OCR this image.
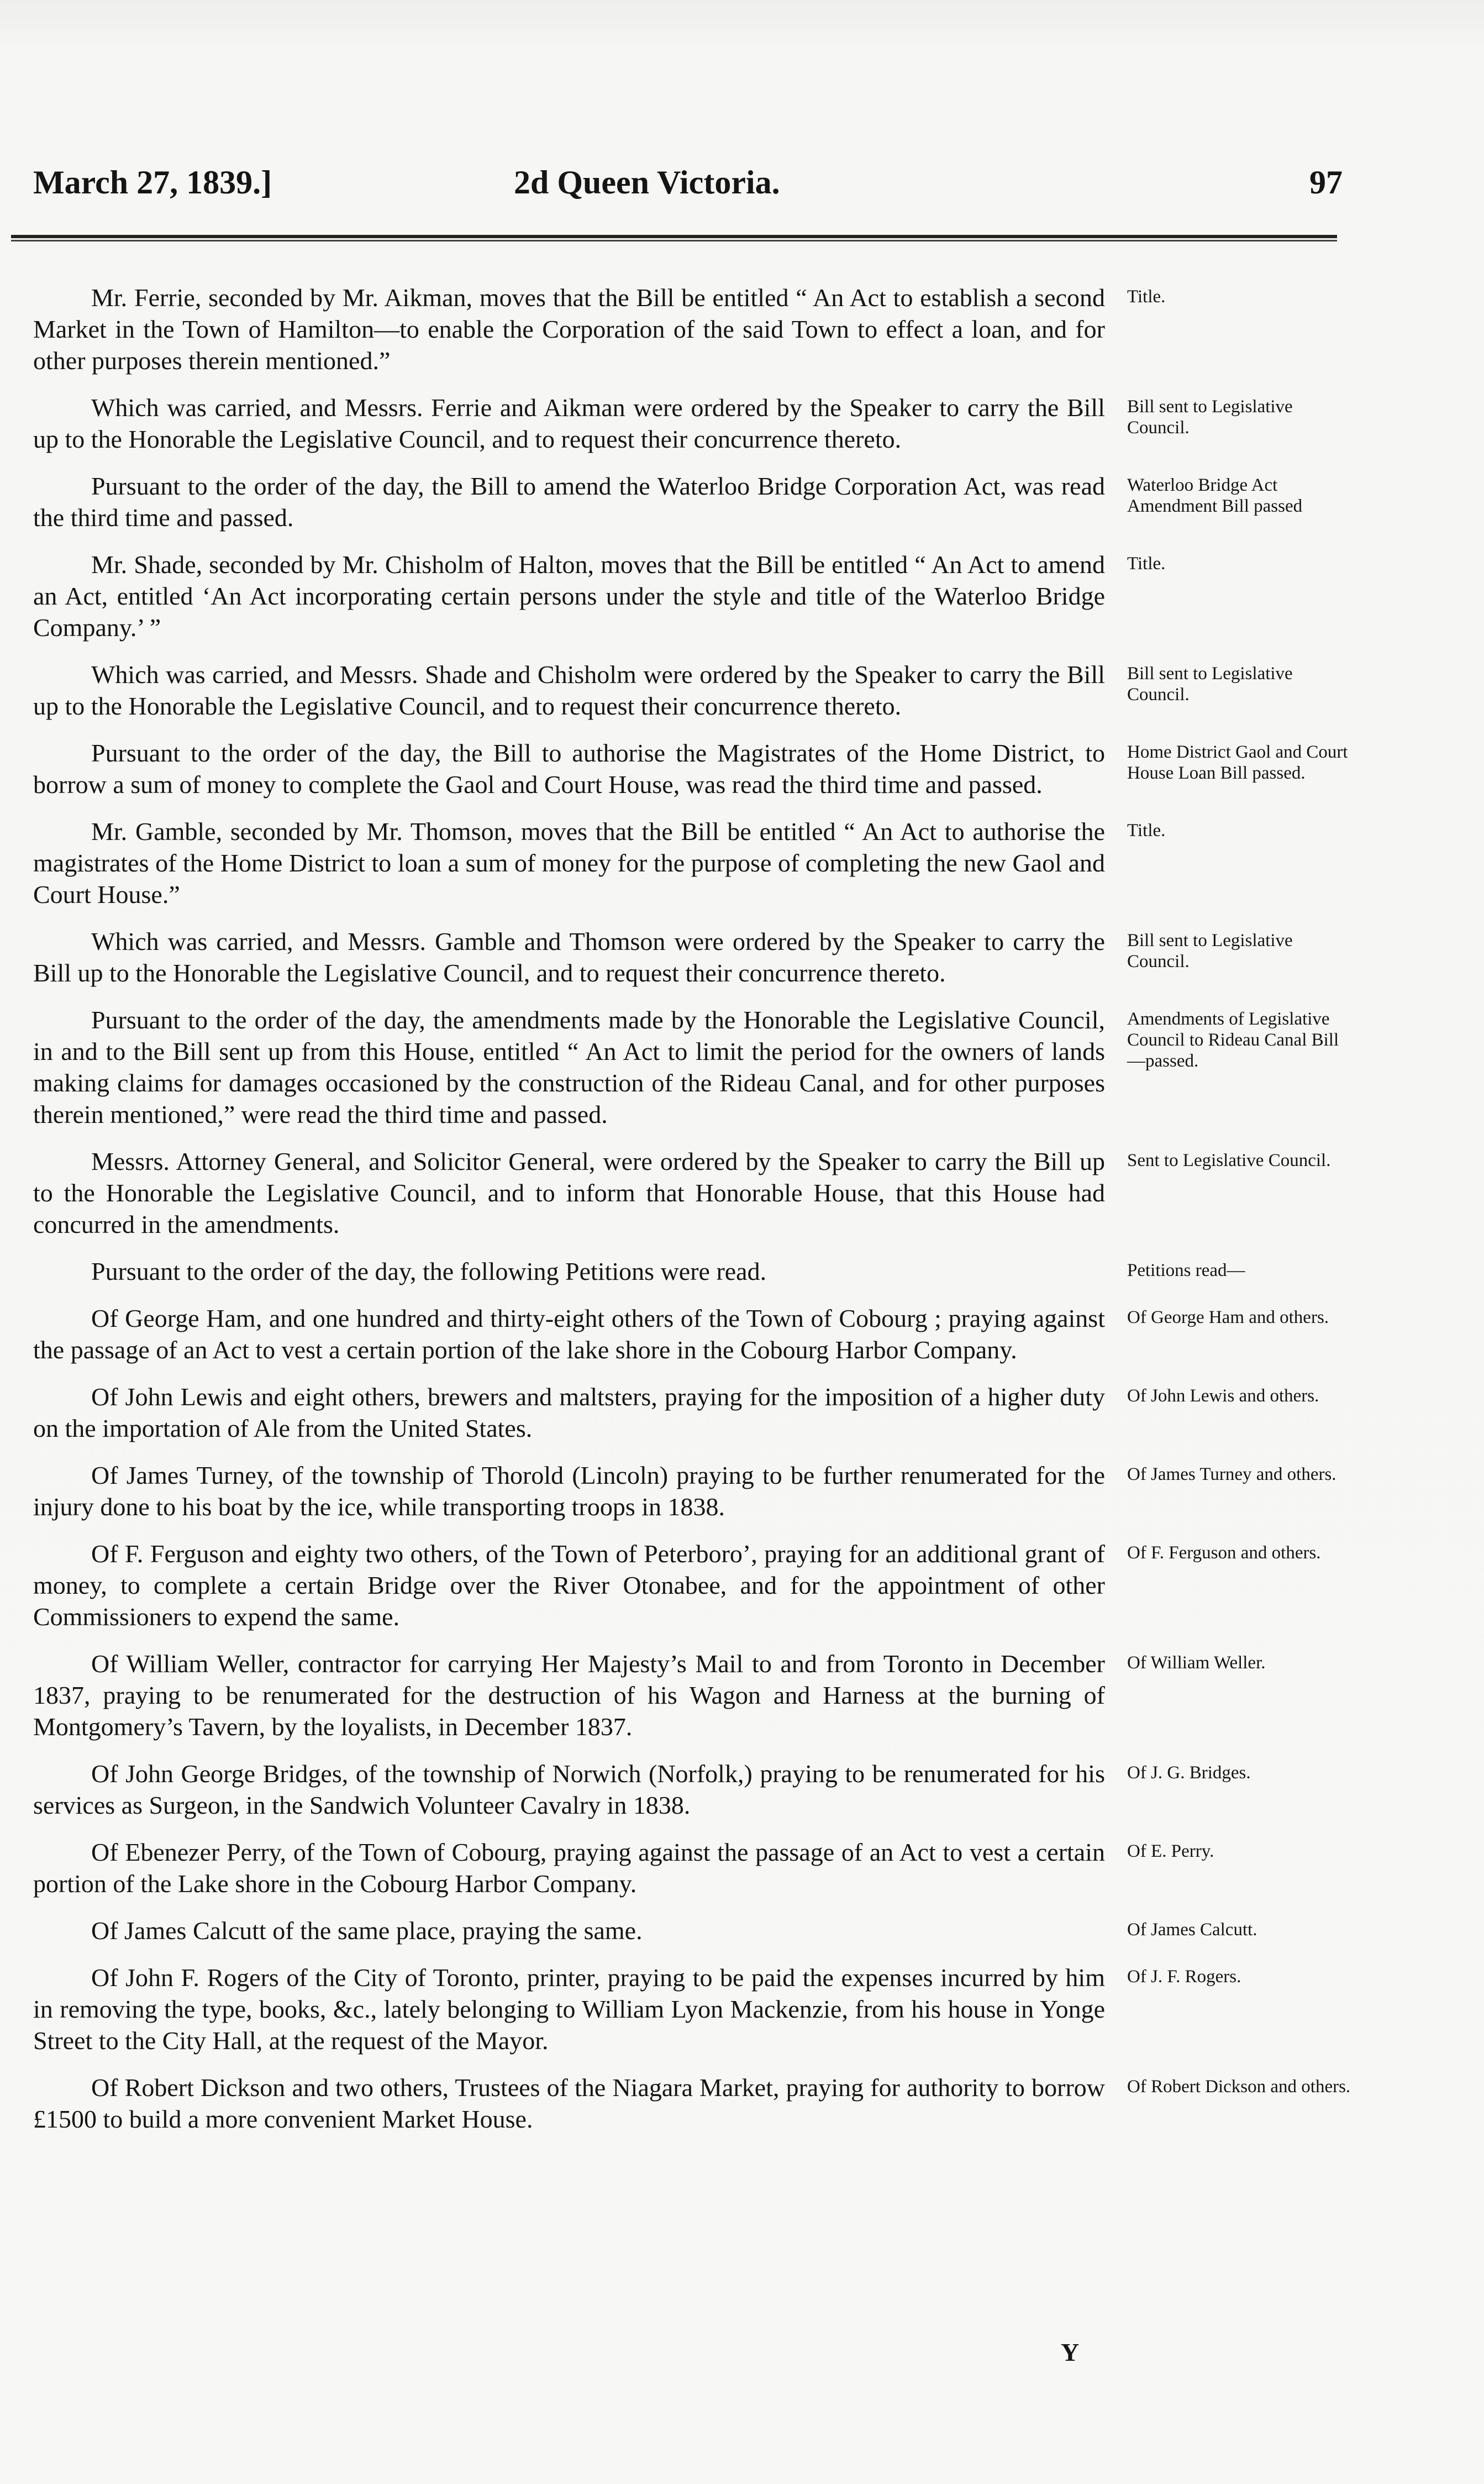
March 27, 1839.]	2d Queen Victoria.	97
Mr. Ferrie, seconded by Mr. Aikman, moves that the Bill be entitled “ An Act to establish a second Market in the Town of Hamilton—to enable the Corporation of the said Town to effect a loan, and for other purposes therein mentioned.”
Title.
Which was carried, and Messrs. Ferrie and Aikman were ordered by the Speaker to carry the Bill up to the Honorable the Legislative Council, and to request their concurrence thereto.
Bill sent to Legislative Council.
Pursuant to the order of the day, the Bill to amend the Waterloo Bridge Corporation Act, was read the third time and passed.
Waterloo Bridge Act Amendment Bill passed
Mr. Shade, seconded by Mr. Chisholm of Halton, moves that the Bill be entitled “ An Act to amend an Act, entitled ‘An Act incorporating certain persons under the style and title of the Waterloo Bridge Company.’ ”
Title.
Which was carried, and Messrs. Shade and Chisholm were ordered by the Speaker to carry the Bill up to the Honorable the Legislative Council, and to request their concurrence thereto.
Bill sent to Legislative Council.
Pursuant to the order of the day, the Bill to authorise the Magistrates of the Home District, to borrow a sum of money to complete the Gaol and Court House, was read the third time and passed.
Home District Gaol and Court House Loan Bill passed.
Mr. Gamble, seconded by Mr. Thomson, moves that the Bill be entitled “ An Act to authorise the magistrates of the Home District to loan a sum of money for the purpose of completing the new Gaol and Court House.”
Title.
Which was carried, and Messrs. Gamble and Thomson were ordered by the Speaker to carry the Bill up to the Honorable the Legislative Council, and to request their concurrence thereto.
Bill sent to Legislative Council.
Pursuant to the order of the day, the amendments made by the Honorable the Legislative Council, in and to the Bill sent up from this House, entitled “ An Act to limit the period for the owners of lands making claims for damages occasioned by the construction of the Rideau Canal, and for other purposes therein mentioned,” were read the third time and passed.
Amendments of Legislative Council to Rideau Canal Bill—passed.
Messrs. Attorney General, and Solicitor General, were ordered by the Speaker to carry the Bill up to the Honorable the Legislative Council, and to inform that Honorable House, that this House had concurred in the amendments.
Sent to Legislative Council.
Pursuant to the order of the day, the following Petitions were read.	Petitions read—
Of George Ham, and one hundred and thirty-eight others of the Town of Cobourg ; praying against the passage of an Act to vest a certain portion of the lake shore in the Cobourg Harbor Company.
Of George Ham and others.
Of John Lewis and eight others, brewers and maltsters, praying for the imposition of a higher duty on the importation of Ale from the United States.
Of John Lewis and others.
Of James Turney, of the township of Thorold (Lincoln) praying to be further renumerated for the injury done to his boat by the ice, while transporting troops in 1838.
Of James Turney and others.
Of F. Ferguson and eighty two others, of the Town of Peterboro’, praying for an additional grant of money, to complete a certain Bridge over the River Otonabee, and for the appointment of other Commissioners to expend the same.
Of F. Ferguson and others.
Of William Weller, contractor for carrying Her Majesty’s Mail to and from Toronto in December 1837, praying to be renumerated for the destruction of his Wagon and Harness at the burning of Montgomery’s Tavern, by the loyalists, in December 1837.
Of William Weller.
Of John George Bridges, of the township of Norwich (Norfolk,) praying to be renumerated for his services as Surgeon, in the Sandwich Volunteer Cavalry in 1838.
Of J. G. Bridges.
Of Ebenezer Perry, of the Town of Cobourg, praying against the passage of an Act to vest a certain portion of the Lake shore in the Cobourg Harbor Company.
Of E. Perry.
Of James Calcutt of the same place, praying the same.	Of James Calcutt.
Of John F. Rogers of the City of Toronto, printer, praying to be paid the expenses incurred by him in removing the type, books, &c., lately belonging to William Lyon Mackenzie, from his house in Yonge Street to the City Hall, at the request of the Mayor.
Of J. F. Rogers.
Of Robert Dickson and two others, Trustees of the Niagara Market, praying for authority to borrow £1500 to build a more convenient Market House.
Of Robert Dickson and others.
Y
